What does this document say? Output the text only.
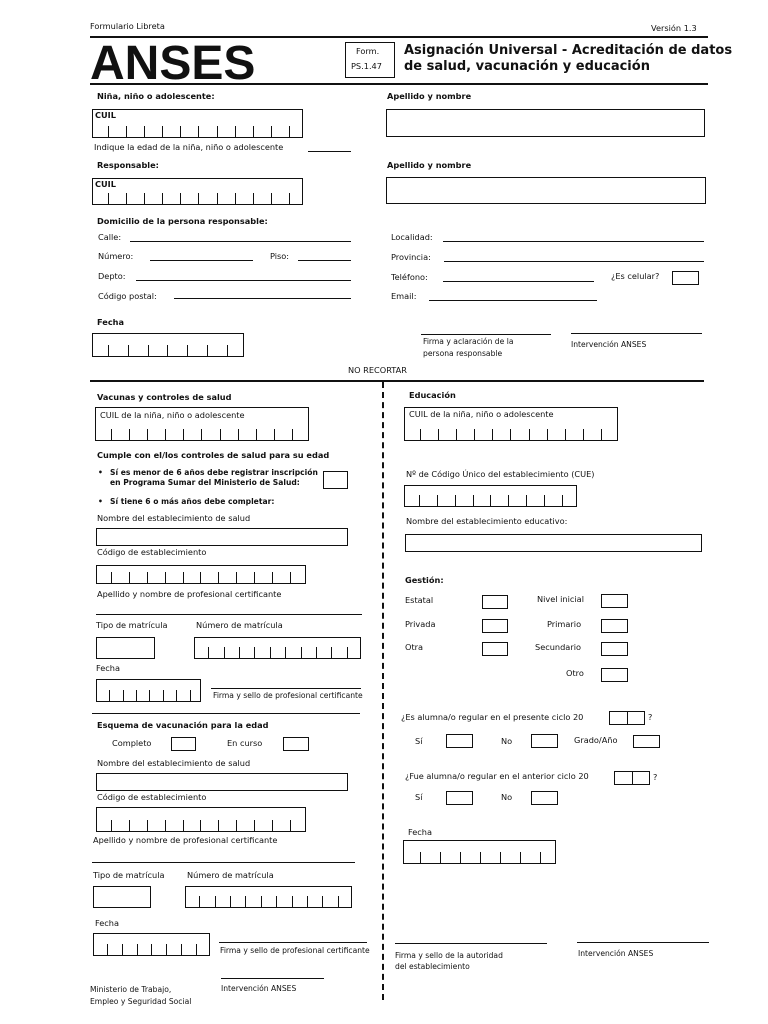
Formulario Libreta	Versión 1.3
ANSES	Form.
PS.1.47
Asignación Universal - Acreditación de datos
de salud, vacunación y educación
Niña, niño o adolescente:	Apellido y nombre
CUIL
Indique la edad de la niña, niño o adolescente
Responsable:	Apellido y nombre
CUIL
Domicilio de la persona responsable:
Calle:
Número:	Piso:
Depto:
Código postal:
Localidad:
Provincia:
Teléfono:	¿Es celular?
Email:
Fecha
Firma y aclaración de la
persona responsable
Intervención ANSES
NO RECORTAR
Vacunas y controles de salud
CUIL de la niña, niño o adolescente
Cumple con el/los controles de salud para su edad
• Sí es menor de 6 años debe registrar inscripción
en Programa Sumar del Ministerio de Salud:
• Sí tiene 6 o más años debe completar:
Nombre del establecimiento de salud
Código de establecimiento
Apellido y nombre de profesional certificante
Tipo de matrícula	Número de matrícula
Fecha
Firma y sello de profesional certificante
Esquema de vacunación para la edad
Completo	En curso
Nombre del establecimiento de salud
Código de establecimiento
Apellido y nombre de profesional certificante
Tipo de matrícula	Número de matrícula
Fecha
Firma y sello de profesional certificante
Intervención ANSES
Ministerio de Trabajo,
Empleo y Seguridad Social
Educación
CUIL de la niña, niño o adolescente
Nº de Código Único del establecimiento (CUE)
Nombre del establecimiento educativo:
Gestión:
Estatal	Nivel inicial
Privada	Primario
Otra	Secundario
Otro
¿Es alumna/o regular en el presente ciclo 20	?
Sí	No	Grado/Año
¿Fue alumna/o regular en el anterior ciclo 20	?
Sí	No
Fecha
Firma y sello de la autoridad
del establecimiento
Intervención ANSES
